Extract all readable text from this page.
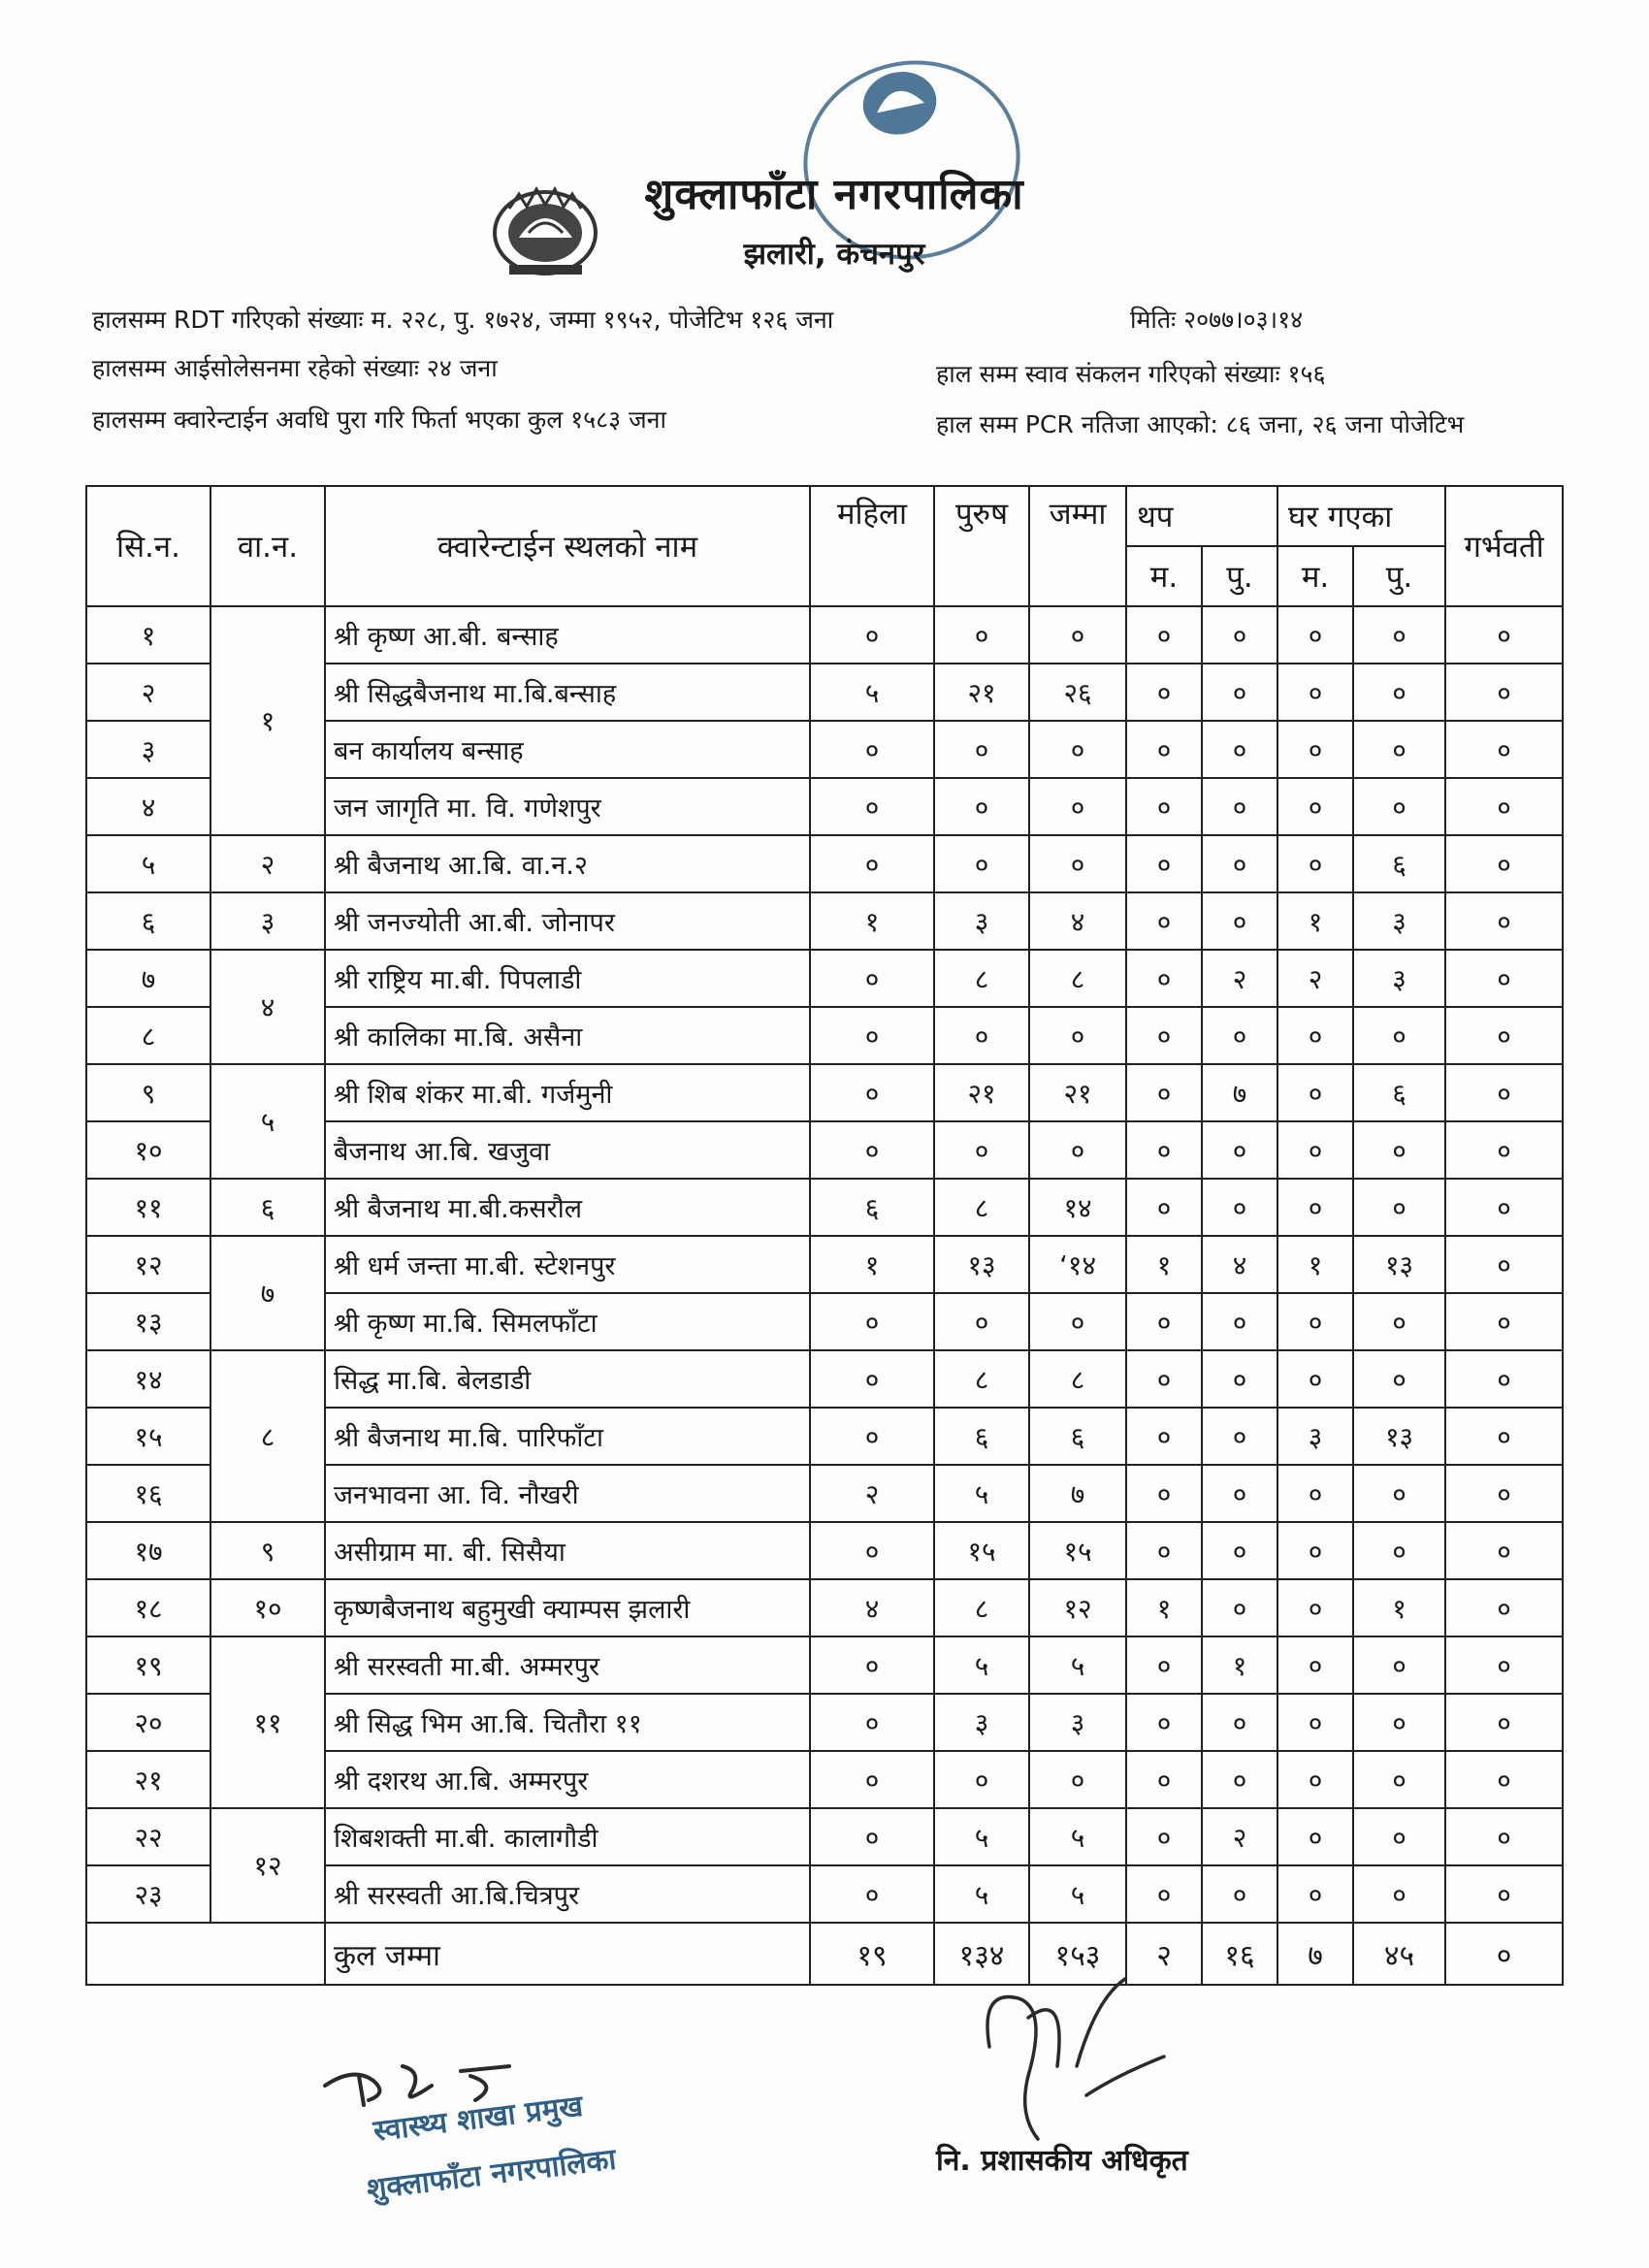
शुक्लाफाँटा नगरपालिका
झलारी, कंचनपुर
हालसम्म RDT गरिएको संख्याः म. २२८, पु. १७२४, जम्मा १९५२, पोजेटिभ १२६ जना	मितिः २०७७।०३।१४
हालसम्म आईसोलेसनमा रहेको संख्याः २४ जना	हाल सम्म स्वाव संकलन गरिएको संख्याः १५६
हालसम्म क्वारेन्टाईन अवधि पुरा गरि फिर्ता भएका कुल १५८३ जना	हाल सम्म PCR नतिजा आएको: ८६ जना, २६ जना पोजेटिभ
सि.न.	वा.न.	क्वारेन्टाईन स्थलको नाम	महिला	पुरुष	जम्मा	थप		घर गएका		गर्भवती
						म.	पु.	म.	पु.	
१	१	श्री कृष्ण आ.बी. बन्साह	०	०	०	०	०	०	०	०
२		श्री सिद्धबैजनाथ मा.बि.बन्साह	५	२१	२६	०	०	०	०	०
३		बन कार्यालय बन्साह	०	०	०	०	०	०	०	०
४		जन जागृति मा. वि. गणेशपुर	०	०	०	०	०	०	०	०
५	२	श्री बैजनाथ आ.बि. वा.न.२	०	०	०	०	०	०	६	०
६	३	श्री जनज्योती आ.बी. जोनापर	१	३	४	०	०	१	३	०
७	४	श्री राष्ट्रिय मा.बी. पिपलाडी	०	८	८	०	२	२	३	०
८		श्री कालिका मा.बि. असैना	०	०	०	०	०	०	०	०
९	५	श्री शिब शंकर मा.बी. गर्जमुनी	०	२१	२१	०	७	०	६	०
१०		बैजनाथ आ.बि. खजुवा	०	०	०	०	०	०	०	०
११	६	श्री बैजनाथ मा.बी.कसरौल	६	८	१४	०	०	०	०	०
१२	७	श्री धर्म जन्ता मा.बी. स्टेशनपुर	१	१३	‘१४	१	४	१	१३	०
१३		श्री कृष्ण मा.बि. सिमलफाँटा	०	०	०	०	०	०	०	०
१४	८	सिद्ध मा.बि. बेलडाडी	०	८	८	०	०	०	०	०
१५		श्री बैजनाथ मा.बि. पारिफाँटा	०	६	६	०	०	३	१३	०
१६		जनभावना आ. वि. नौखरी	२	५	७	०	०	०	०	०
१७	९	असीग्राम मा. बी. सिसैया	०	१५	१५	०	०	०	०	०
१८	१०	कृष्णबैजनाथ बहुमुखी क्याम्पस झलारी	४	८	१२	१	०	०	१	०
१९	११	श्री सरस्वती मा.बी. अम्मरपुर	०	५	५	०	१	०	०	०
२०		श्री सिद्ध भिम आ.बि. चितौरा ११	०	३	३	०	०	०	०	०
२१		श्री दशरथ आ.बि. अम्मरपुर	०	०	०	०	०	०	०	०
२२	१२	शिबशक्ती मा.बी. कालागौडी	०	५	५	०	२	०	०	०
२३		श्री सरस्वती आ.बि.चित्रपुर	०	५	५	०	०	०	०	०
		कुल जम्मा	१९	१३४	१५३	२	१६	७	४५	०
स्वास्थ्य शाखा प्रमुख
शुक्लाफाँटा नगरपालिका	नि. प्रशासकीय अधिकृत
